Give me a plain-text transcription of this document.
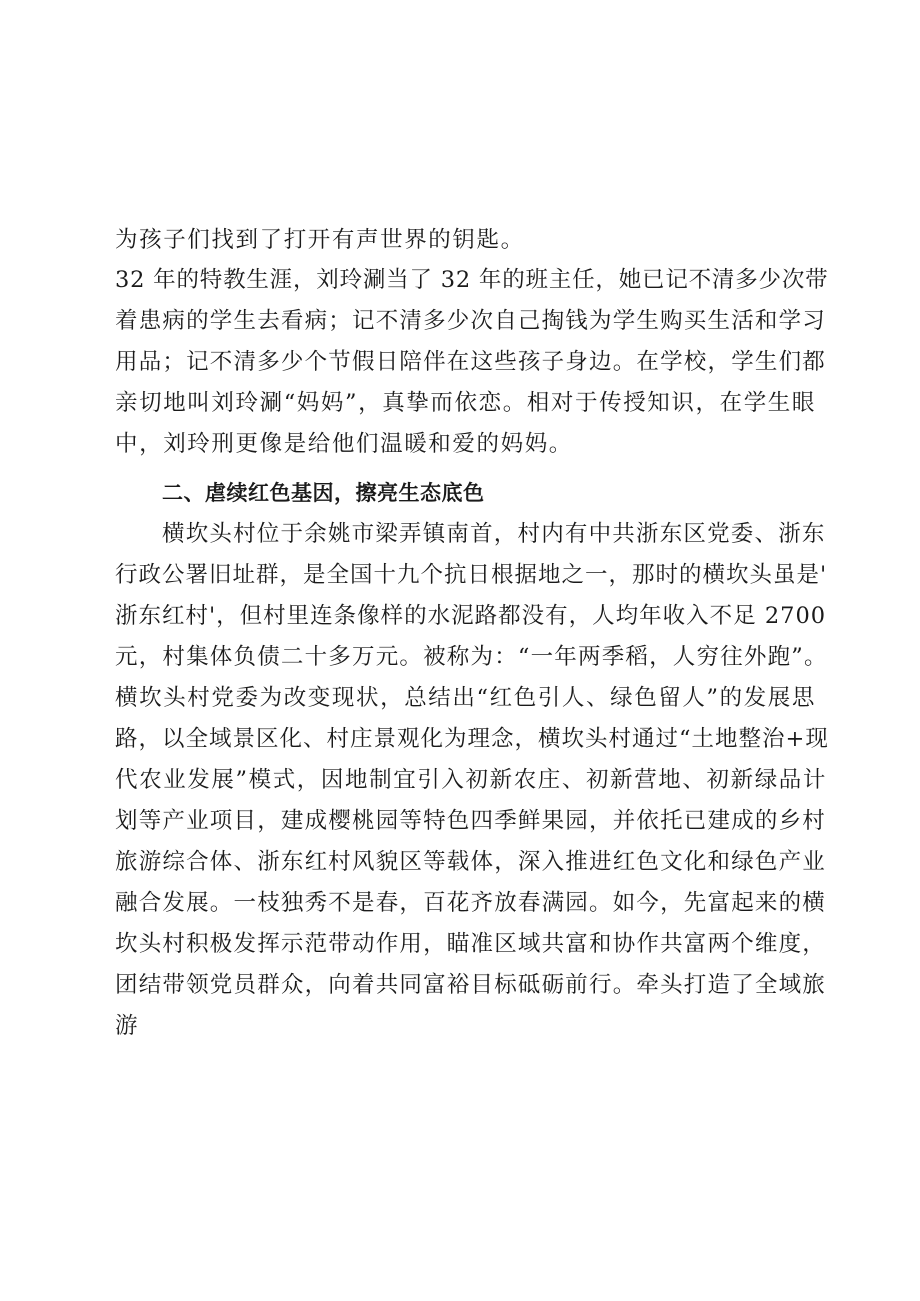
为孩子们找到了打开有声世界的钥匙。
32 年的特教生涯，刘玲涮当了 32 年的班主任，她已记不清多少次带
着患病的学生去看病；记不清多少次自己掏钱为学生购买生活和学习
用品；记不清多少个节假日陪伴在这些孩子身边。在学校，学生们都
亲切地叫刘玲涮“妈妈”，真挚而依恋。相对于传授知识，在学生眼
中，刘玲刑更像是给他们温暖和爱的妈妈。
二、虐续红色基因，擦亮生态底色
横坎头村位于余姚市梁弄镇南首，村内有中共浙东区党委、浙东
行政公署旧址群，是全国十九个抗日根据地之一，那时的横坎头虽是'
浙东红村'，但村里连条像样的水泥路都没有，人均年收入不足 2700
元，村集体负债二十多万元。被称为：“一年两季稻，人穷往外跑”。
横坎头村党委为改变现状，总结出“红色引人、绿色留人”的发展思
路，以全域景区化、村庄景观化为理念，横坎头村通过“土地整治+现
代农业发展”模式，因地制宜引入初新农庄、初新营地、初新绿品计
划等产业项目，建成樱桃园等特色四季鲜果园，并依托已建成的乡村
旅游综合体、浙东红村风貌区等载体，深入推进红色文化和绿色产业
融合发展。一枝独秀不是春，百花齐放春满园。如今，先富起来的横
坎头村积极发挥示范带动作用，瞄准区域共富和协作共富两个维度，
团结带领党员群众，向着共同富裕目标砥砺前行。牵头打造了全域旅
游
